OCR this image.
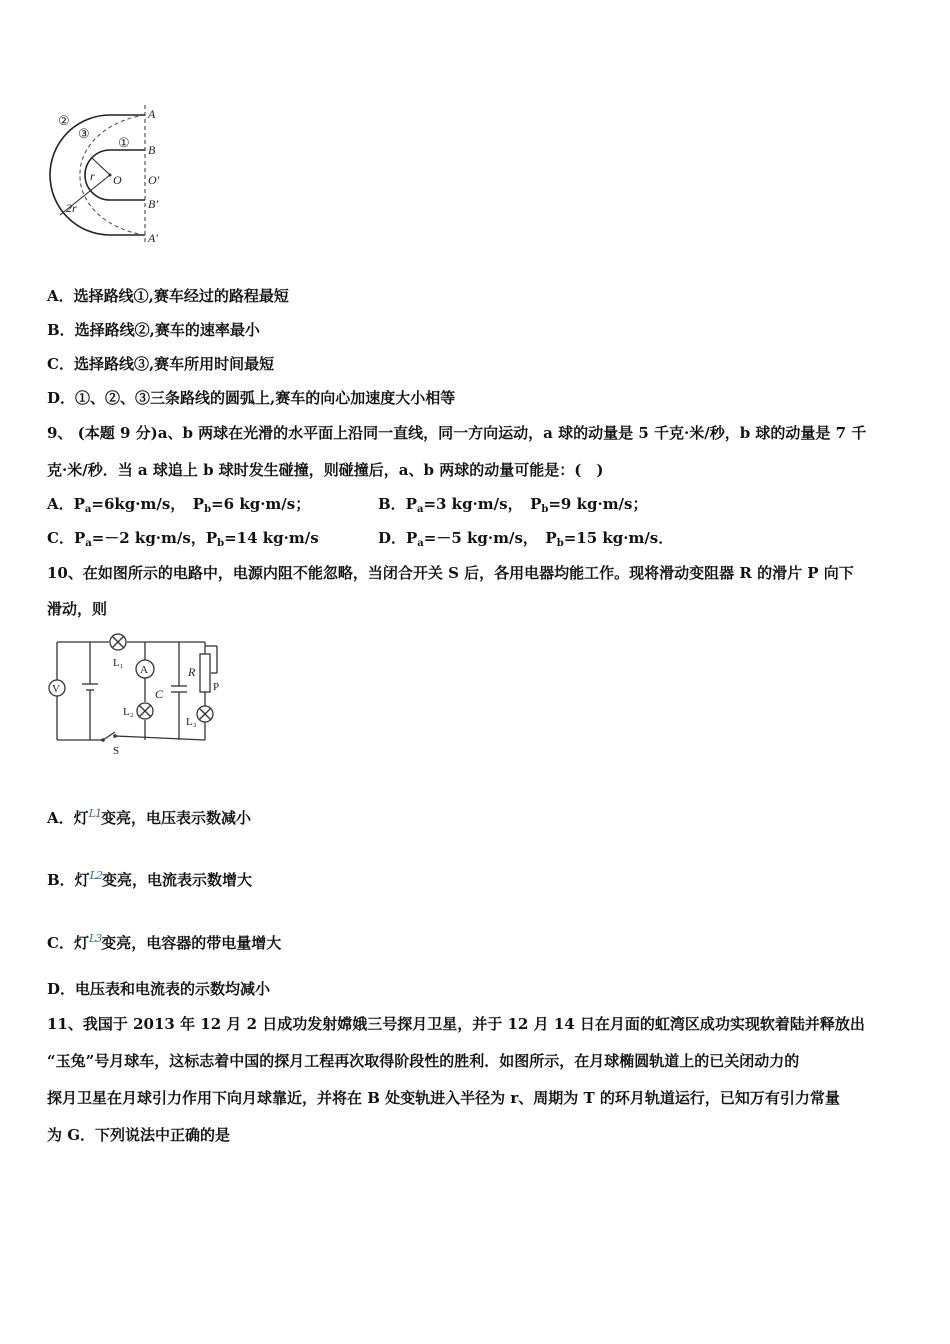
②
③
①
A
B
O O′
r
2r	B′
A′
A．选择路线①,赛车经过的路程最短
B．选择路线②,赛车的速率最小
C．选择路线③,赛车所用时间最短
D．①、②、③三条路线的圆弧上,赛车的向心加速度大小相等
9、 (本题 9 分)a、b 两球在光滑的水平面上沿同一直线，同一方向运动，a 球的动量是 5 千克·米/秒，b 球的动量是 7 千
克·米/秒．当 a 球追上 b 球时发生碰撞，则碰撞后，a、b 两球的动量可能是：(　)
A．$P_a=6kg\cdot m/s$，　$P_b=6$ kg·m/s；	B．$P_a=3$ kg·m/s，　$P_b=9$ kg·m/s；
C．$P_a=-2$ kg·m/s，$P_b=14$ kg·m/s	D．$P_a=-5$ kg·m/s，　$P_b=15$ kg·m/s．
10、在如图所示的电路中，电源内阻不能忽略，当闭合开关 S 后，各用电器均能工作。现将滑动变阻器 R 的滑片 P 向下
滑动，则
V
A
L₁
L₂
L₃
C
R
P
S
A．灯L1变亮，电压表示数减小
B．灯L2变亮，电流表示数增大
C．灯L3变亮，电容器的带电量增大
D．电压表和电流表的示数均减小
11、我国于 2013 年 12 月 2 日成功发射嫦娥三号探月卫星，并于 12 月 14 日在月面的虹湾区成功实现软着陆并释放出
“玉兔”号月球车，这标志着中国的探月工程再次取得阶段性的胜利．如图所示，在月球椭圆轨道上的已关闭动力的
探月卫星在月球引力作用下向月球靠近，并将在 B 处变轨进入半径为 r、周期为 T 的环月轨道运行，已知万有引力常量
为 G．下列说法中正确的是
